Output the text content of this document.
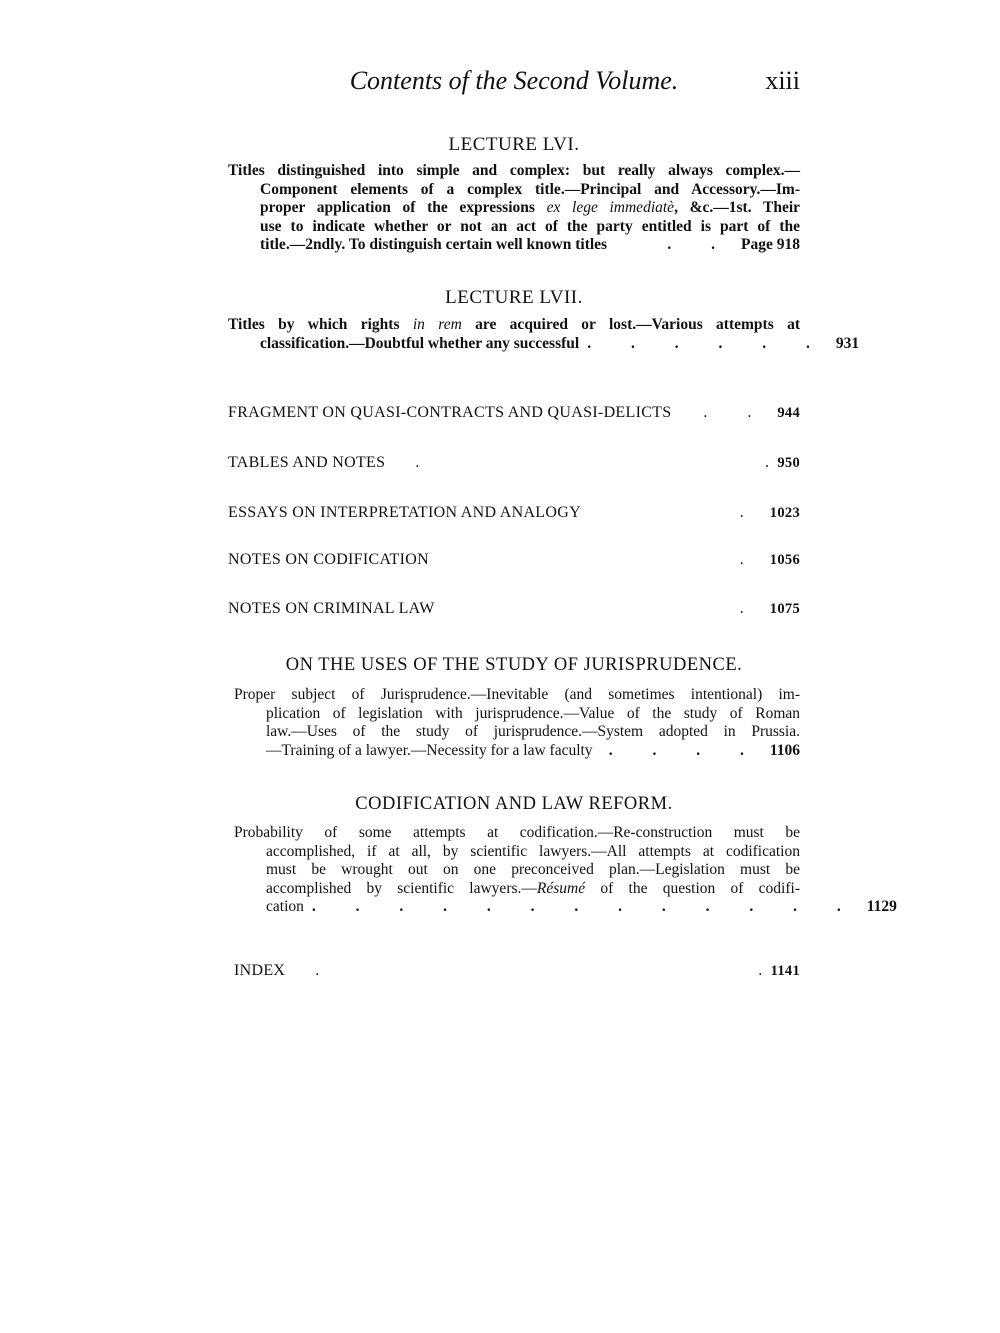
Contents of the Second Volume.	xiii
LECTURE LVI.
Titles distinguished into simple and complex: but really always complex.—
Component elements of a complex title.—Principal and Accessory.—Im-
proper application of the expressions ex lege immediatè, &c.—1st. Their
use to indicate whether or not an act of the party entitled is part of the
title.—2ndly. To distinguish certain well known titles	. . Page 918
LECTURE LVII.
Titles by which rights in rem are acquired or lost.—Various attempts at
classification.—Doubtful whether any successful . . . . . . 931
FRAGMENT ON QUASI-CONTRACTS AND QUASI-DELICTS	. . 944
TABLES AND NOTES .	. 950
ESSAYS ON INTERPRETATION AND ANALOGY	. 1023
NOTES ON CODIFICATION	. 1056
NOTES ON CRIMINAL LAW	. 1075
ON THE USES OF THE STUDY OF JURISPRUDENCE.
Proper subject of Jurisprudence.—Inevitable (and sometimes intentional) im-
plication of legislation with jurisprudence.—Value of the study of Roman
law.—Uses of the study of jurisprudence.—System adopted in Prussia.
—Training of a lawyer.—Necessity for a law faculty	. . . . 1106
CODIFICATION AND LAW REFORM.
Probability of some attempts at codification.—Re-construction must be
accomplished, if at all, by scientific lawyers.—All attempts at codification
must be wrought out on one preconceived plan.—Legislation must be
accomplished by scientific lawyers.—Résumé of the question of codifi-
cation . . . . . . . . . . . . . 1129
INDEX .	. 1141
